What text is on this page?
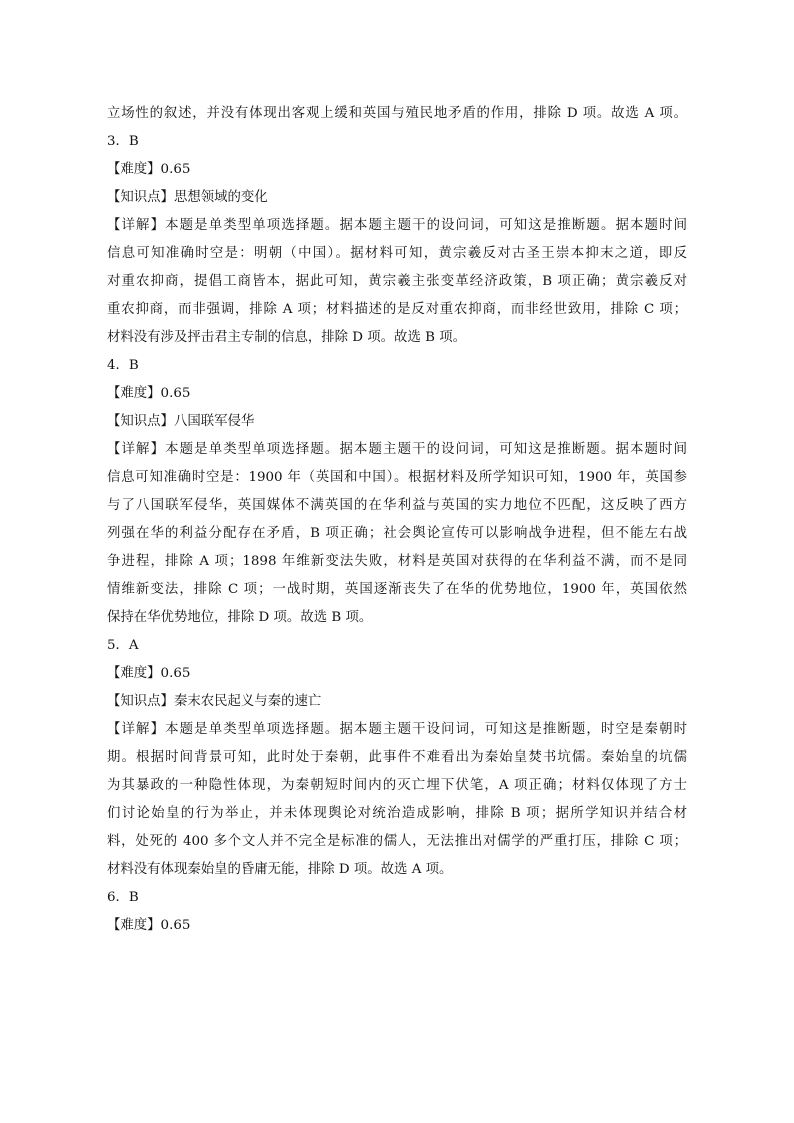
立场性的叙述，并没有体现出客观上缓和英国与殖民地矛盾的作用，排除 D 项。故选 A 项。
3．B
【难度】0.65
【知识点】思想领域的变化
【详解】本题是单类型单项选择题。据本题主题干的设问词，可知这是推断题。据本题时间
信息可知准确时空是：明朝（中国）。据材料可知，黄宗羲反对古圣王崇本抑末之道，即反
对重农抑商，提倡工商皆本，据此可知，黄宗羲主张变革经济政策，B 项正确；黄宗羲反对
重农抑商，而非强调，排除 A 项；材料描述的是反对重农抑商，而非经世致用，排除 C 项；
材料没有涉及抨击君主专制的信息，排除 D 项。故选 B 项。
4．B
【难度】0.65
【知识点】八国联军侵华
【详解】本题是单类型单项选择题。据本题主题干的设问词，可知这是推断题。据本题时间
信息可知准确时空是：1900 年（英国和中国）。根据材料及所学知识可知，1900 年，英国参
与了八国联军侵华，英国媒体不满英国的在华利益与英国的实力地位不匹配，这反映了西方
列强在华的利益分配存在矛盾，B 项正确；社会舆论宣传可以影响战争进程，但不能左右战
争进程，排除 A 项；1898 年维新变法失败，材料是英国对获得的在华利益不满，而不是同
情维新变法，排除 C 项；一战时期，英国逐渐丧失了在华的优势地位，1900 年，英国依然
保持在华优势地位，排除 D 项。故选 B 项。
5．A
【难度】0.65
【知识点】秦末农民起义与秦的速亡
【详解】本题是单类型单项选择题。据本题主题干设问词，可知这是推断题，时空是秦朝时
期。根据时间背景可知，此时处于秦朝，此事件不难看出为秦始皇焚书坑儒。秦始皇的坑儒
为其暴政的一种隐性体现，为秦朝短时间内的灭亡埋下伏笔，A 项正确；材料仅体现了方士
们讨论始皇的行为举止，并未体现舆论对统治造成影响，排除 B 项；据所学知识并结合材
料，处死的 400 多个文人并不完全是标准的儒人，无法推出对儒学的严重打压，排除 C 项；
材料没有体现秦始皇的昏庸无能，排除 D 项。故选 A 项。
6．B
【难度】0.65
